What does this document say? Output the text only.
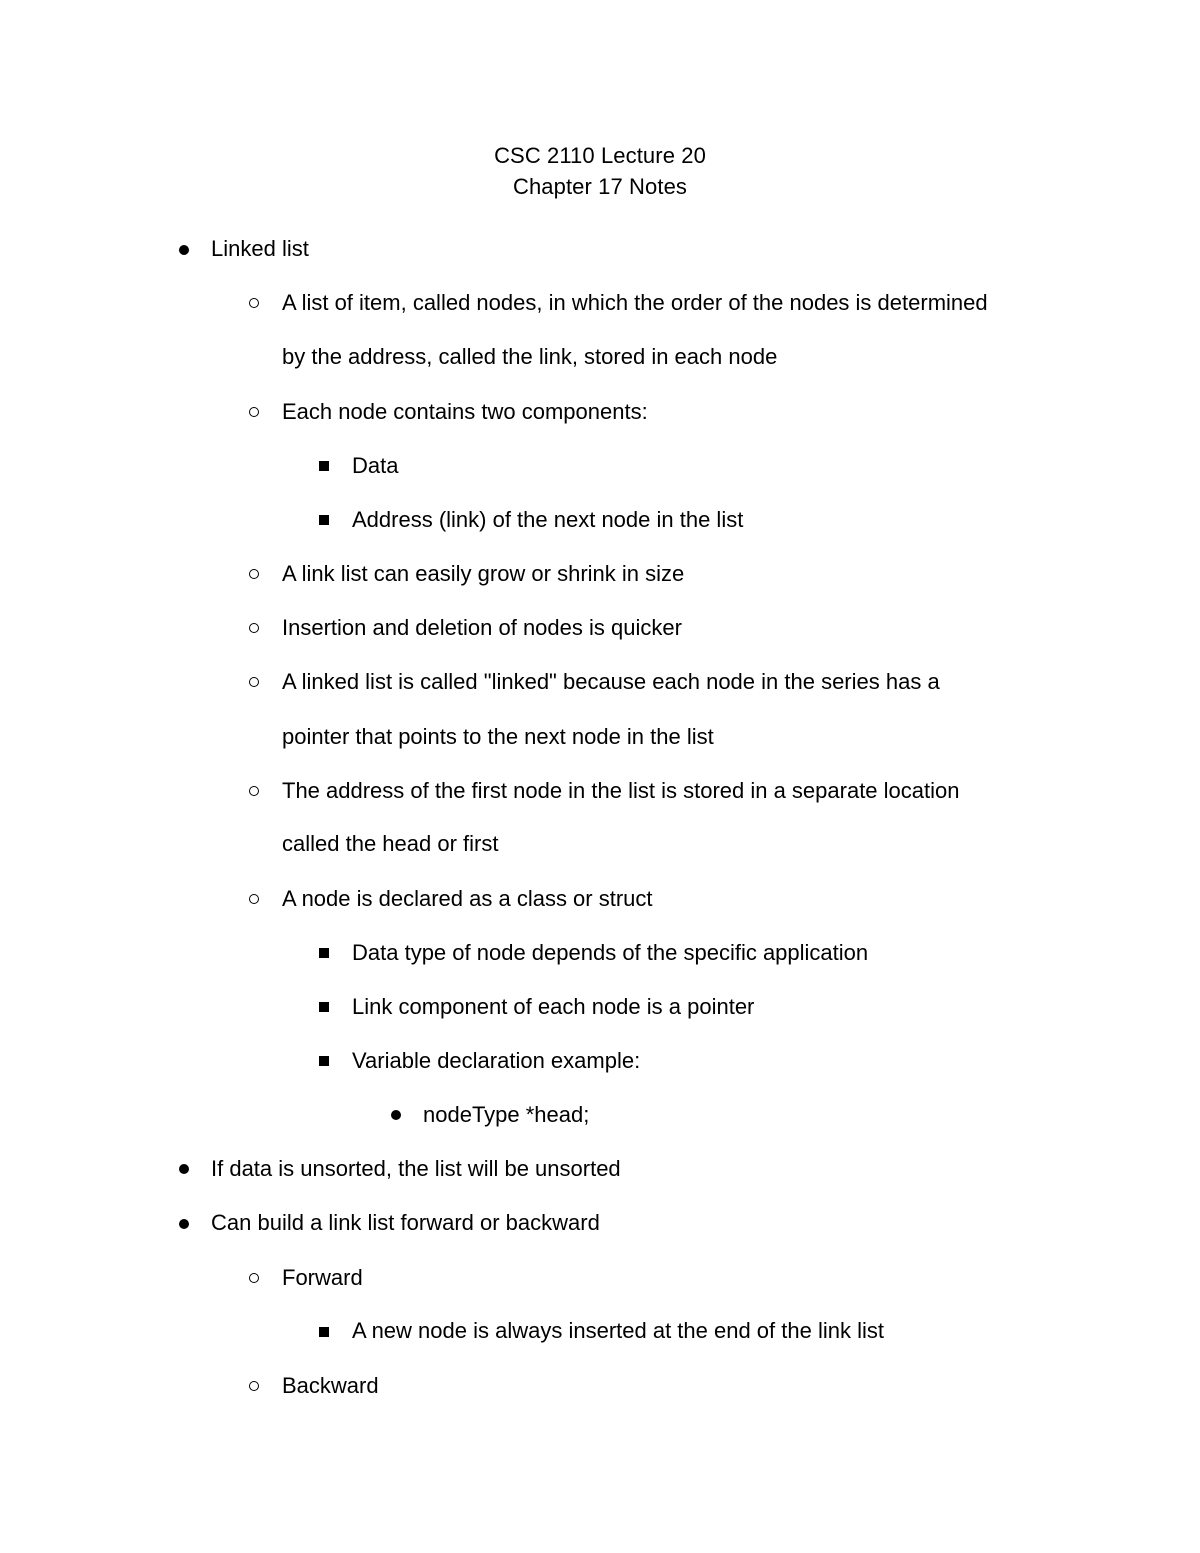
CSC 2110 Lecture 20
Chapter 17 Notes
Linked list
A list of item, called nodes, in which the order of the nodes is determined
by the address, called the link, stored in each node
Each node contains two components:
Data
Address (link) of the next node in the list
A link list can easily grow or shrink in size
Insertion and deletion of nodes is quicker
A linked list is called "linked" because each node in the series has a
pointer that points to the next node in the list
The address of the first node in the list is stored in a separate location
called the head or first
A node is declared as a class or struct
Data type of node depends of the specific application
Link component of each node is a pointer
Variable declaration example:
nodeType *head;
If data is unsorted, the list will be unsorted
Can build a link list forward or backward
Forward
A new node is always inserted at the end of the link list
Backward
